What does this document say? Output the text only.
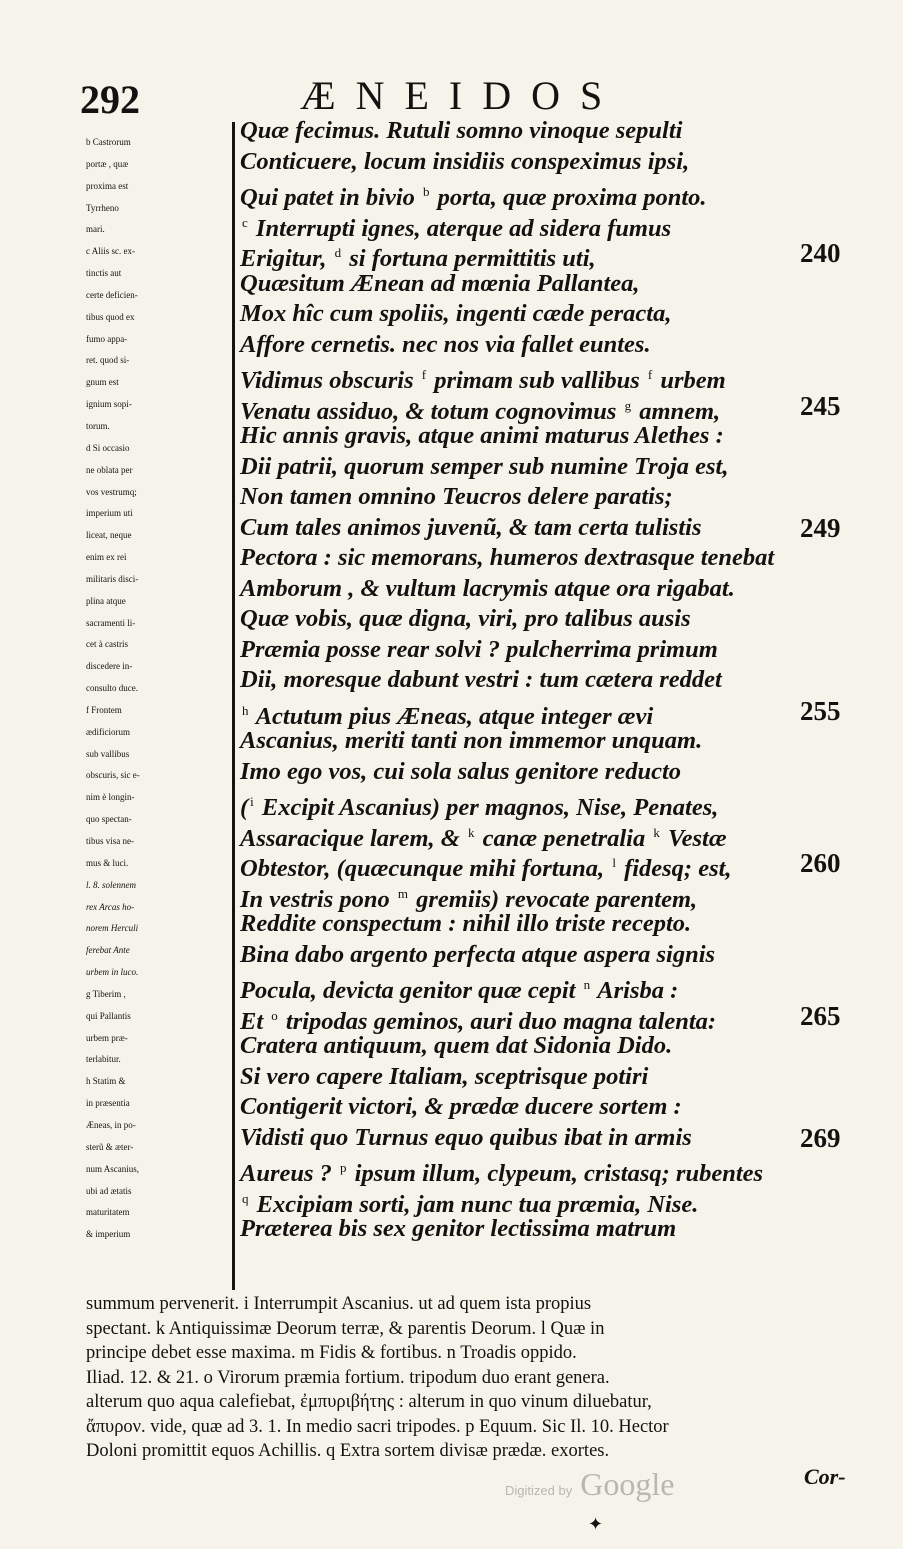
292	ÆNEIDOS
b Castrorum
portæ , quæ
proxima est
Tyrrheno
mari.
c Aliis sc. ex-
tinctis aut
certe deficien-
tibus quod ex
fumo appa-
ret. quod si-
gnum est
ignium sopi-
torum.
d Si occasio
ne oblata per
vos vestrumq;
imperium uti
liceat, neque
enim ex rei
militaris disci-
plina atque
sacramenti li-
cet à castris
discedere in-
consulto duce.
f Frontem
ædificiorum
sub vallibus
obscuris, sic e-
nim è longin-
quo spectan-
tibus visa ne-
mus & luci.
l. 8. solennem
rex Arcas ho-
norem Herculi
ferebat Ante
urbem in luco.
g Tiberim ,
qui Pallantis
urbem præ-
terlabitur.
h Statim &
in præsentia
Æneas, in po-
sterũ & æter-
num Ascanius,
ubi ad ætatis
maturitatem
& imperium
Quæ fecimus. Rutuli somno vinoque sepulti
Conticuere, locum insidiis conspeximus ipsi,
Qui patet in bivio $^b$ porta, quæ proxima ponto.
$^c$ Interrupti ignes, aterque ad sidera fumus
Erigitur, $^d$ si fortuna permittitis uti,	240
Quæsitum Ænean ad mœnia Pallantea,
Mox hîc cum spoliis, ingenti cæde peracta,
Affore cernetis. nec nos via fallet euntes.
Vidimus obscuris $^f$ primam sub vallibus $^f$ urbem
Venatu assiduo, & totum cognovimus $^g$ amnem,	245
Hic annis gravis, atque animi maturus Alethes :
Dii patrii, quorum semper sub numine Troja est,
Non tamen omnino Teucros delere paratis;
Cum tales animos juvenũ, & tam certa tulistis	249
Pectora : sic memorans, humeros dextrasque tenebat
Amborum , & vultum lacrymis atque ora rigabat.
Quæ vobis, quæ digna, viri, pro talibus ausis
Præmia posse rear solvi ? pulcherrima primum
Dii, moresque dabunt vestri : tum cætera reddet
$^h$ Actutum pius Æneas, atque integer ævi	255
Ascanius, meriti tanti non immemor unquam.
Imo ego vos, cui sola salus genitore reducto
( $^i$ Excipit Ascanius) per magnos, Nise, Penates,
Assaracique larem, & $^k$ canæ penetralia $^k$ Vestæ
Obtestor, (quæcunque mihi fortuna, $^l$ fidesq; est,	260
In vestris pono $^m$ gremiis) revocate parentem,
Reddite conspectum : nihil illo triste recepto.
Bina dabo argento perfecta atque aspera signis
Pocula, devicta genitor quæ cepit $^n$ Arisba :
Et $^o$ tripodas geminos, auri duo magna talenta:	265
Cratera antiquum, quem dat Sidonia Dido.
Si vero capere Italiam, sceptrisque potiri
Contigerit victori, & prædæ ducere sortem :
Vidisti quo Turnus equo quibus ibat in armis	269
Aureus ? $^p$ ipsum illum, clypeum, cristasq; rubentes
$^q$ Excipiam sorti, jam nunc tua præmia, Nise.
Præterea bis sex genitor lectissima matrum
summum pervenerit. i Interrumpit Ascanius. ut ad quem ista propius
spectant. k Antiquissimæ Deorum terræ, & parentis Deorum. l Quæ in
principe debet esse maxima. m Fidis & fortibus. n Troadis oppido.
Iliad. 12. & 21. o Virorum præmia fortium. tripodum duo erant genera.
alterum quo aqua calefiebat, ἐμπυριβήτης : alterum in quo vinum diluebatur,
ἄπυρον. vide, quæ ad 3. 1. In medio sacri tripodes. p Equum. Sic Il. 10. Hector
Doloni promittit equos Achillis. q Extra sortem divisæ prædæ. exortes.
Digitized by Google	Cor-
✦
